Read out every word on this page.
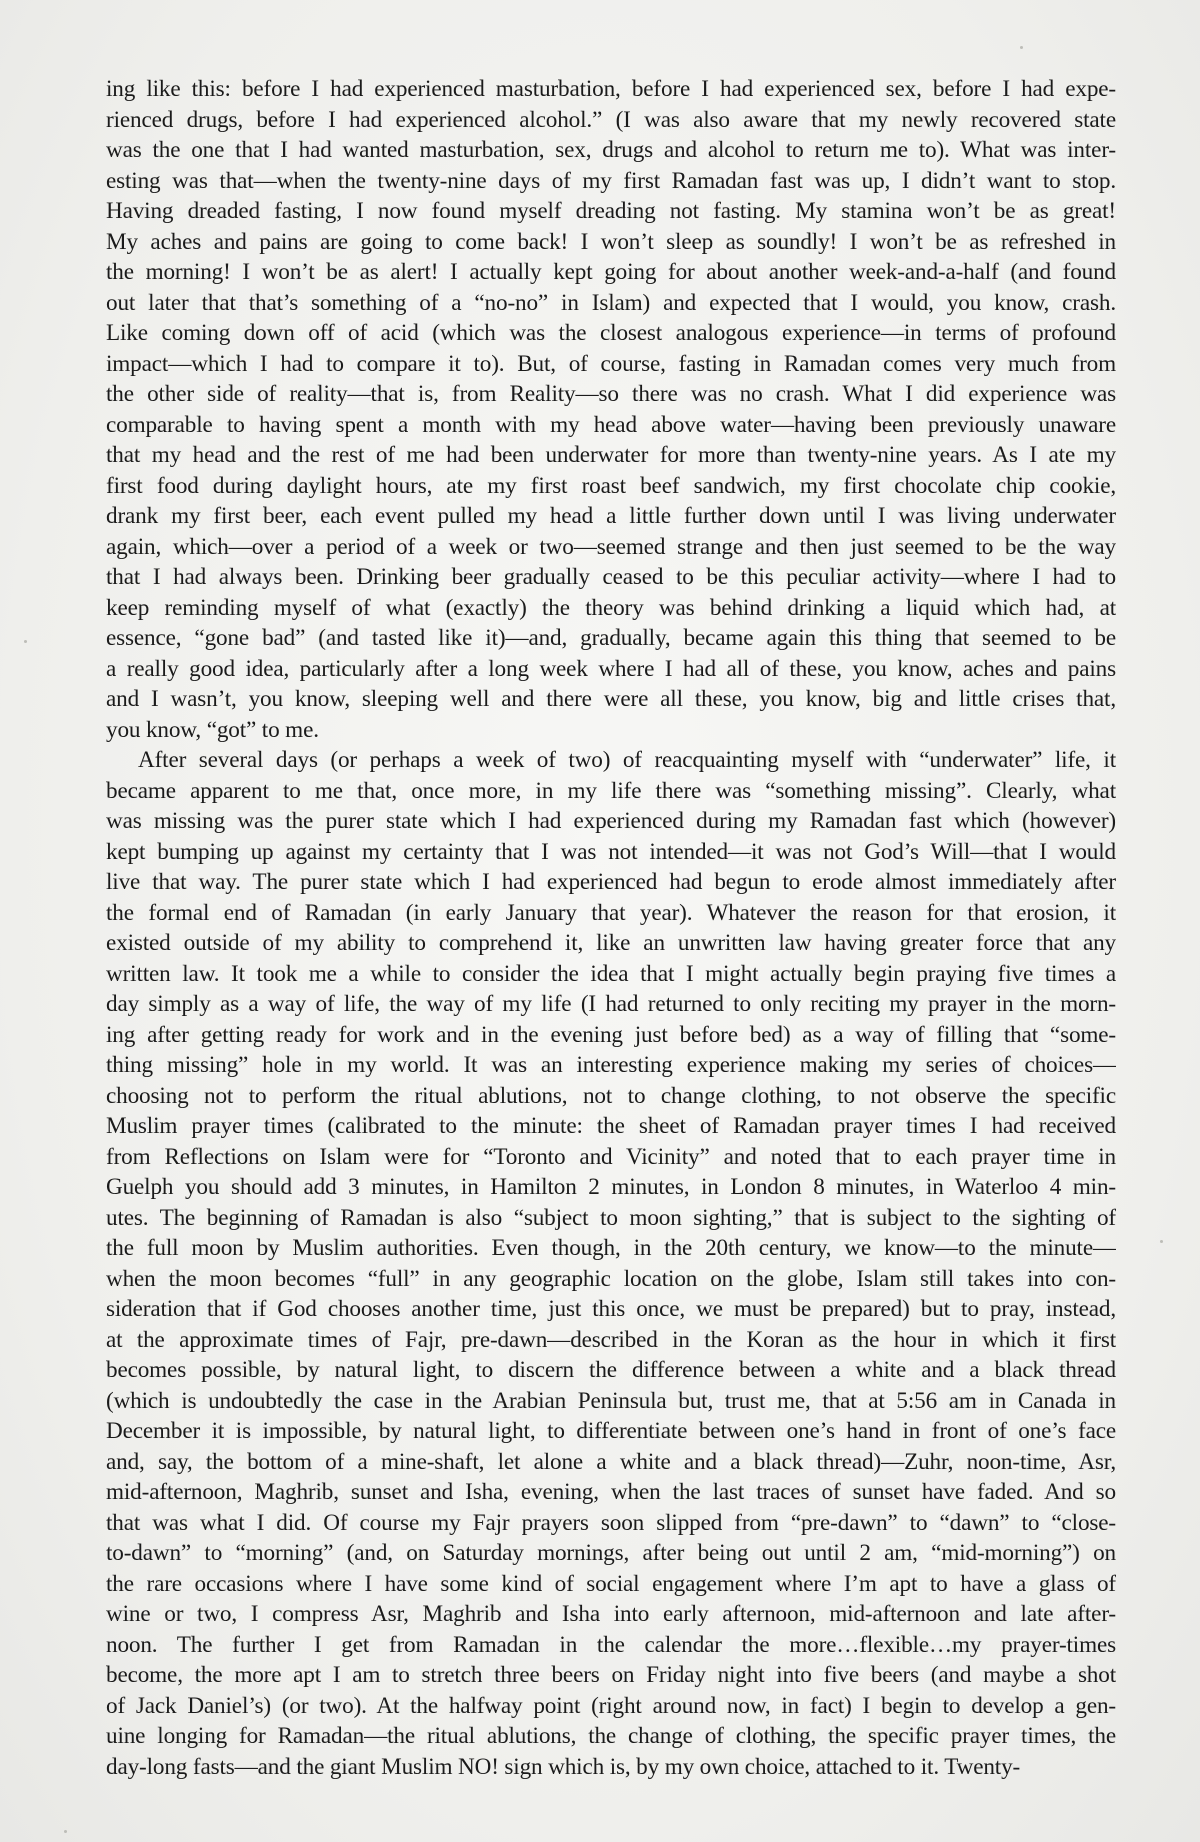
ing like this: before I had experienced masturbation, before I had experienced sex, before I had expe-
rienced drugs, before I had experienced alcohol.” (I was also aware that my newly recovered state
was the one that I had wanted masturbation, sex, drugs and alcohol to return me to). What was inter-
esting was that—when the twenty-nine days of my first Ramadan fast was up, I didn’t want to stop.
Having dreaded fasting, I now found myself dreading not fasting. My stamina won’t be as great!
My aches and pains are going to come back! I won’t sleep as soundly! I won’t be as refreshed in
the morning! I won’t be as alert! I actually kept going for about another week-and-a-half (and found
out later that that’s something of a “no-no” in Islam) and expected that I would, you know, crash.
Like coming down off of acid (which was the closest analogous experience—in terms of profound
impact—which I had to compare it to). But, of course, fasting in Ramadan comes very much from
the other side of reality—that is, from Reality—so there was no crash. What I did experience was
comparable to having spent a month with my head above water—having been previously unaware
that my head and the rest of me had been underwater for more than twenty-nine years. As I ate my
first food during daylight hours, ate my first roast beef sandwich, my first chocolate chip cookie,
drank my first beer, each event pulled my head a little further down until I was living underwater
again, which—over a period of a week or two—seemed strange and then just seemed to be the way
that I had always been. Drinking beer gradually ceased to be this peculiar activity—where I had to
keep reminding myself of what (exactly) the theory was behind drinking a liquid which had, at
essence, “gone bad” (and tasted like it)—and, gradually, became again this thing that seemed to be
a really good idea, particularly after a long week where I had all of these, you know, aches and pains
and I wasn’t, you know, sleeping well and there were all these, you know, big and little crises that,
you know, “got” to me.
After several days (or perhaps a week of two) of reacquainting myself with “underwater” life, it
became apparent to me that, once more, in my life there was “something missing”. Clearly, what
was missing was the purer state which I had experienced during my Ramadan fast which (however)
kept bumping up against my certainty that I was not intended—it was not God’s Will—that I would
live that way. The purer state which I had experienced had begun to erode almost immediately after
the formal end of Ramadan (in early January that year). Whatever the reason for that erosion, it
existed outside of my ability to comprehend it, like an unwritten law having greater force that any
written law. It took me a while to consider the idea that I might actually begin praying five times a
day simply as a way of life, the way of my life (I had returned to only reciting my prayer in the morn-
ing after getting ready for work and in the evening just before bed) as a way of filling that “some-
thing missing” hole in my world. It was an interesting experience making my series of choices—
choosing not to perform the ritual ablutions, not to change clothing, to not observe the specific
Muslim prayer times (calibrated to the minute: the sheet of Ramadan prayer times I had received
from Reflections on Islam were for “Toronto and Vicinity” and noted that to each prayer time in
Guelph you should add 3 minutes, in Hamilton 2 minutes, in London 8 minutes, in Waterloo 4 min-
utes. The beginning of Ramadan is also “subject to moon sighting,” that is subject to the sighting of
the full moon by Muslim authorities. Even though, in the 20th century, we know—to the minute—
when the moon becomes “full” in any geographic location on the globe, Islam still takes into con-
sideration that if God chooses another time, just this once, we must be prepared) but to pray, instead,
at the approximate times of Fajr, pre-dawn—described in the Koran as the hour in which it first
becomes possible, by natural light, to discern the difference between a white and a black thread
(which is undoubtedly the case in the Arabian Peninsula but, trust me, that at 5:56 am in Canada in
December it is impossible, by natural light, to differentiate between one’s hand in front of one’s face
and, say, the bottom of a mine-shaft, let alone a white and a black thread)—Zuhr, noon-time, Asr,
mid-afternoon, Maghrib, sunset and Isha, evening, when the last traces of sunset have faded. And so
that was what I did. Of course my Fajr prayers soon slipped from “pre-dawn” to “dawn” to “close-
to-dawn” to “morning” (and, on Saturday mornings, after being out until 2 am, “mid-morning”) on
the rare occasions where I have some kind of social engagement where I’m apt to have a glass of
wine or two, I compress Asr, Maghrib and Isha into early afternoon, mid-afternoon and late after-
noon. The further I get from Ramadan in the calendar the more…flexible…my prayer-times
become, the more apt I am to stretch three beers on Friday night into five beers (and maybe a shot
of Jack Daniel’s) (or two). At the halfway point (right around now, in fact) I begin to develop a gen-
uine longing for Ramadan—the ritual ablutions, the change of clothing, the specific prayer times, the
day-long fasts—and the giant Muslim NO! sign which is, by my own choice, attached to it. Twenty-
